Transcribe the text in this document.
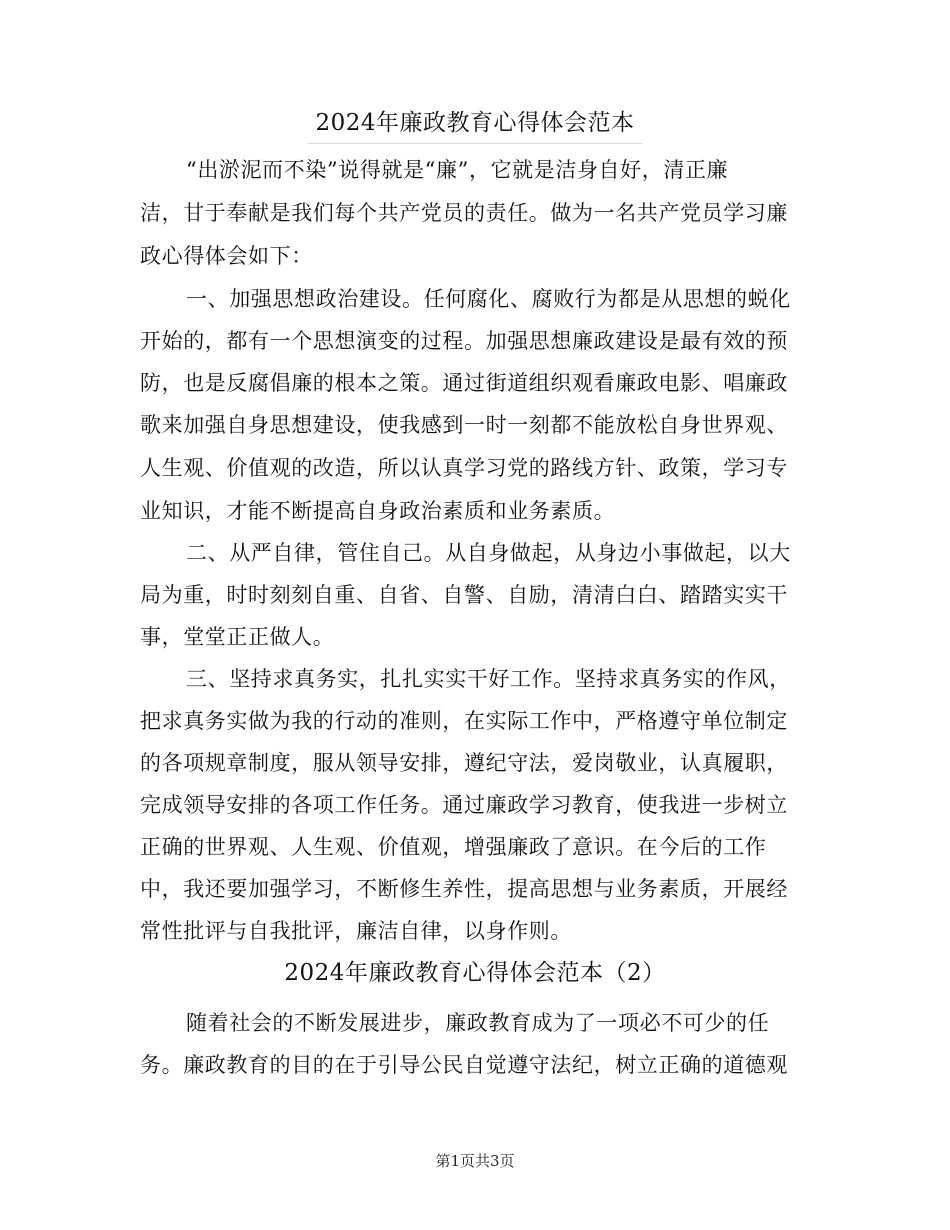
2024年廉政教育心得体会范本
“出淤泥而不染”说得就是“廉”，它就是洁身自好，清正廉
洁，甘于奉献是我们每个共产党员的责任。做为一名共产党员学习廉
政心得体会如下：
一、加强思想政治建设。任何腐化、腐败行为都是从思想的蜕化
开始的，都有一个思想演变的过程。加强思想廉政建设是最有效的预
防，也是反腐倡廉的根本之策。通过街道组织观看廉政电影、唱廉政
歌来加强自身思想建设，使我感到一时一刻都不能放松自身世界观、
人生观、价值观的改造，所以认真学习党的路线方针、政策，学习专
业知识，才能不断提高自身政治素质和业务素质。
二、从严自律，管住自己。从自身做起，从身边小事做起，以大
局为重，时时刻刻自重、自省、自警、自励，清清白白、踏踏实实干
事，堂堂正正做人。
三、坚持求真务实，扎扎实实干好工作。坚持求真务实的作风，
把求真务实做为我的行动的准则，在实际工作中，严格遵守单位制定
的各项规章制度，服从领导安排，遵纪守法，爱岗敬业，认真履职，
完成领导安排的各项工作任务。通过廉政学习教育，使我进一步树立
正确的世界观、人生观、价值观，增强廉政了意识。在今后的工作
中，我还要加强学习，不断修生养性，提高思想与业务素质，开展经
常性批评与自我批评，廉洁自律，以身作则。
2024年廉政教育心得体会范本（2）
随着社会的不断发展进步，廉政教育成为了一项必不可少的任
务。廉政教育的目的在于引导公民自觉遵守法纪，树立正确的道德观
第1页共3页
